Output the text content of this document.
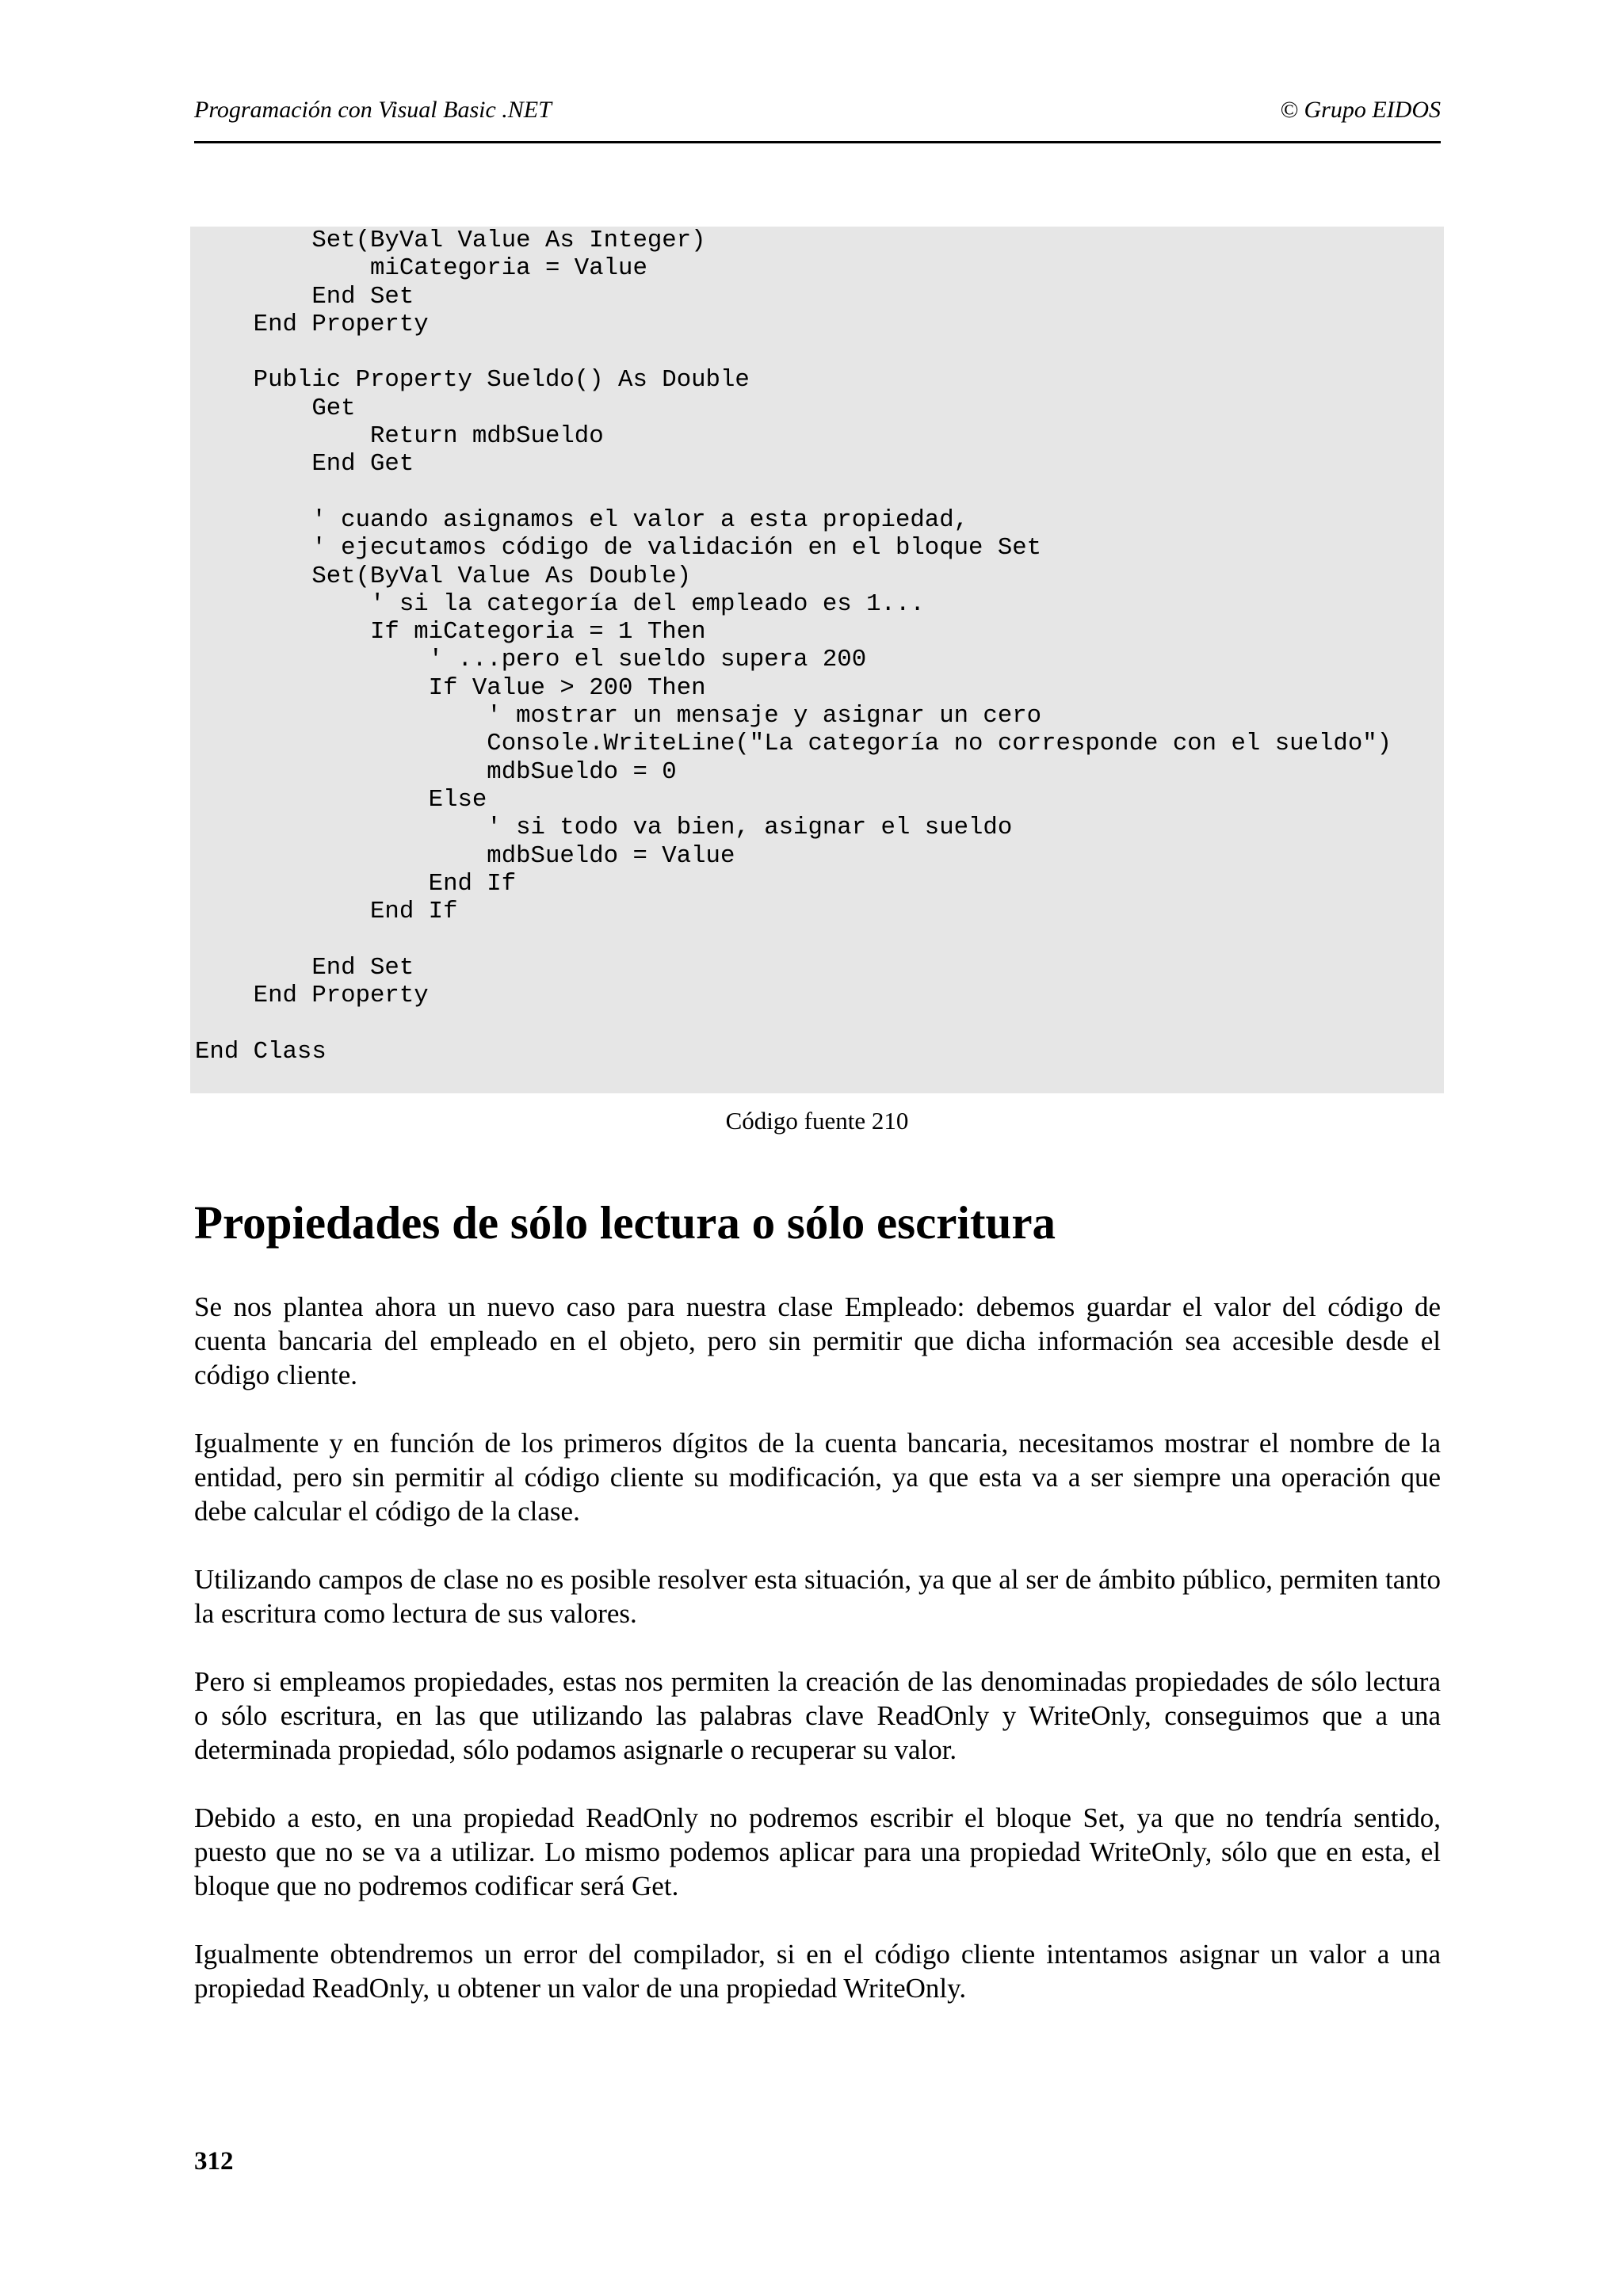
Programación con Visual Basic .NET	© Grupo EIDOS
Set(ByVal Value As Integer)
miCategoria = Value
End Set
End Property
Public Property Sueldo() As Double
Get
Return mdbSueldo
End Get
' cuando asignamos el valor a esta propiedad,
' ejecutamos código de validación en el bloque Set
Set(ByVal Value As Double)
' si la categoría del empleado es 1...
If miCategoria = 1 Then
' ...pero el sueldo supera 200
If Value > 200 Then
' mostrar un mensaje y asignar un cero
Console.WriteLine("La categoría no corresponde con el sueldo")
mdbSueldo = 0
Else
' si todo va bien, asignar el sueldo
mdbSueldo = Value
End If
End If
End Set
End Property
End Class
Código fuente 210
Propiedades de sólo lectura o sólo escritura

Se nos plantea ahora un nuevo caso para nuestra clase Empleado: debemos guardar el valor del código de cuenta bancaria del empleado en el objeto, pero sin permitir que dicha información sea accesible desde el código cliente.

Igualmente y en función de los primeros dígitos de la cuenta bancaria, necesitamos mostrar el nombre de la entidad, pero sin permitir al código cliente su modificación, ya que esta va a ser siempre una operación que debe calcular el código de la clase.

Utilizando campos de clase no es posible resolver esta situación, ya que al ser de ámbito público, permiten tanto la escritura como lectura de sus valores.

Pero si empleamos propiedades, estas nos permiten la creación de las denominadas propiedades de sólo lectura o sólo escritura, en las que utilizando las palabras clave ReadOnly y WriteOnly, conseguimos que a una determinada propiedad, sólo podamos asignarle o recuperar su valor.

Debido a esto, en una propiedad ReadOnly no podremos escribir el bloque Set, ya que no tendría sentido, puesto que no se va a utilizar. Lo mismo podemos aplicar para una propiedad WriteOnly, sólo que en esta, el bloque que no podremos codificar será Get.

Igualmente obtendremos un error del compilador, si en el código cliente intentamos asignar un valor a una propiedad ReadOnly, u obtener un valor de una propiedad WriteOnly.

312
